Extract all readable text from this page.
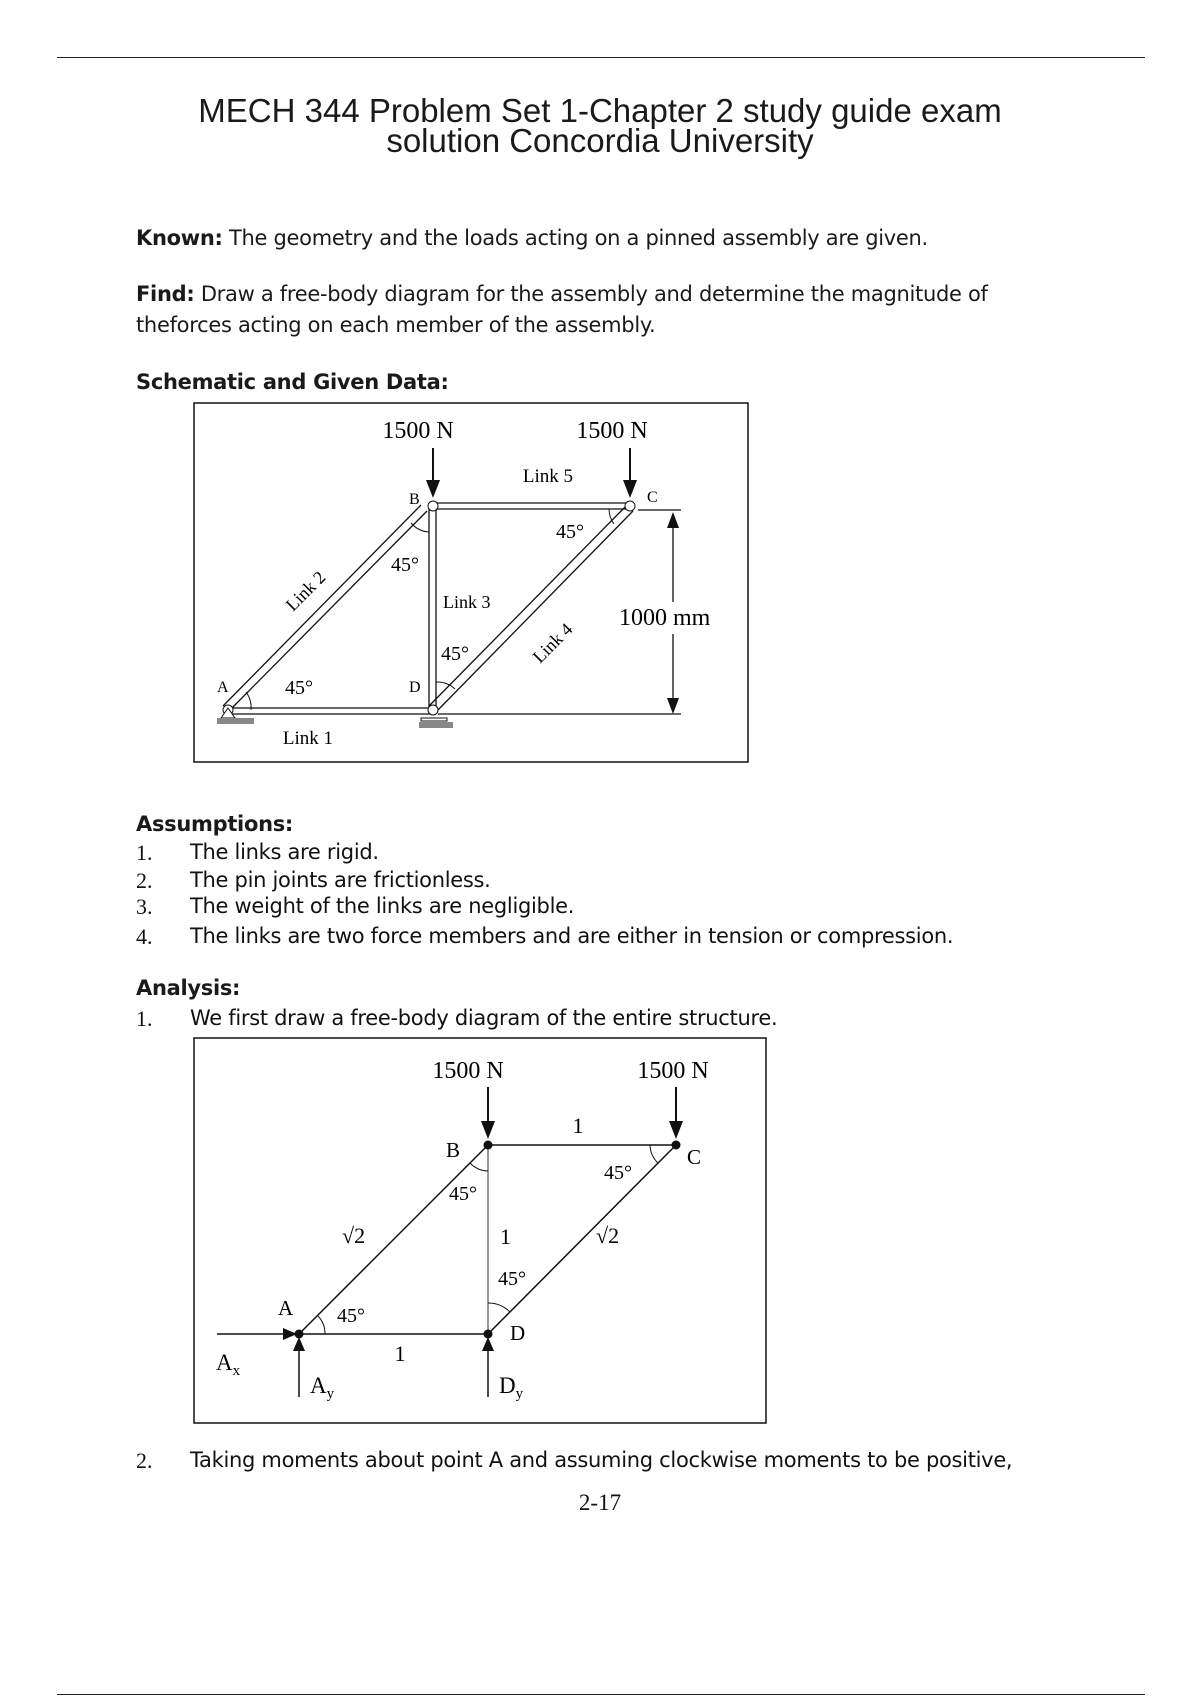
MECH 344 Problem Set 1-Chapter 2 study guide exam
solution Concordia University
Known: The geometry and the loads acting on a pinned assembly are given.
Find: Draw a free-body diagram for the assembly and determine the magnitude of
theforces acting on each member of the assembly.
Schematic and Given Data:
1500 N	1500 N
Link 5
B	C
45°
45°
Link 3
45°
1000 mm
A	45°	D
Link 1
Link 2
Link 4
Assumptions:
1. The links are rigid.
2. The pin joints are frictionless.
3. The weight of the links are negligible.
4. The links are two force members and are either in tension or compression.
Analysis:
1. We first draw a free-body diagram of the entire structure.
1500 N	1500 N
1
B	C
45°
45°
√2	1	√2
45°
A 45°
D
1
$A_x$
$A_y$	$D_y$
2. Taking moments about point A and assuming clockwise moments to be positive,
2-17
